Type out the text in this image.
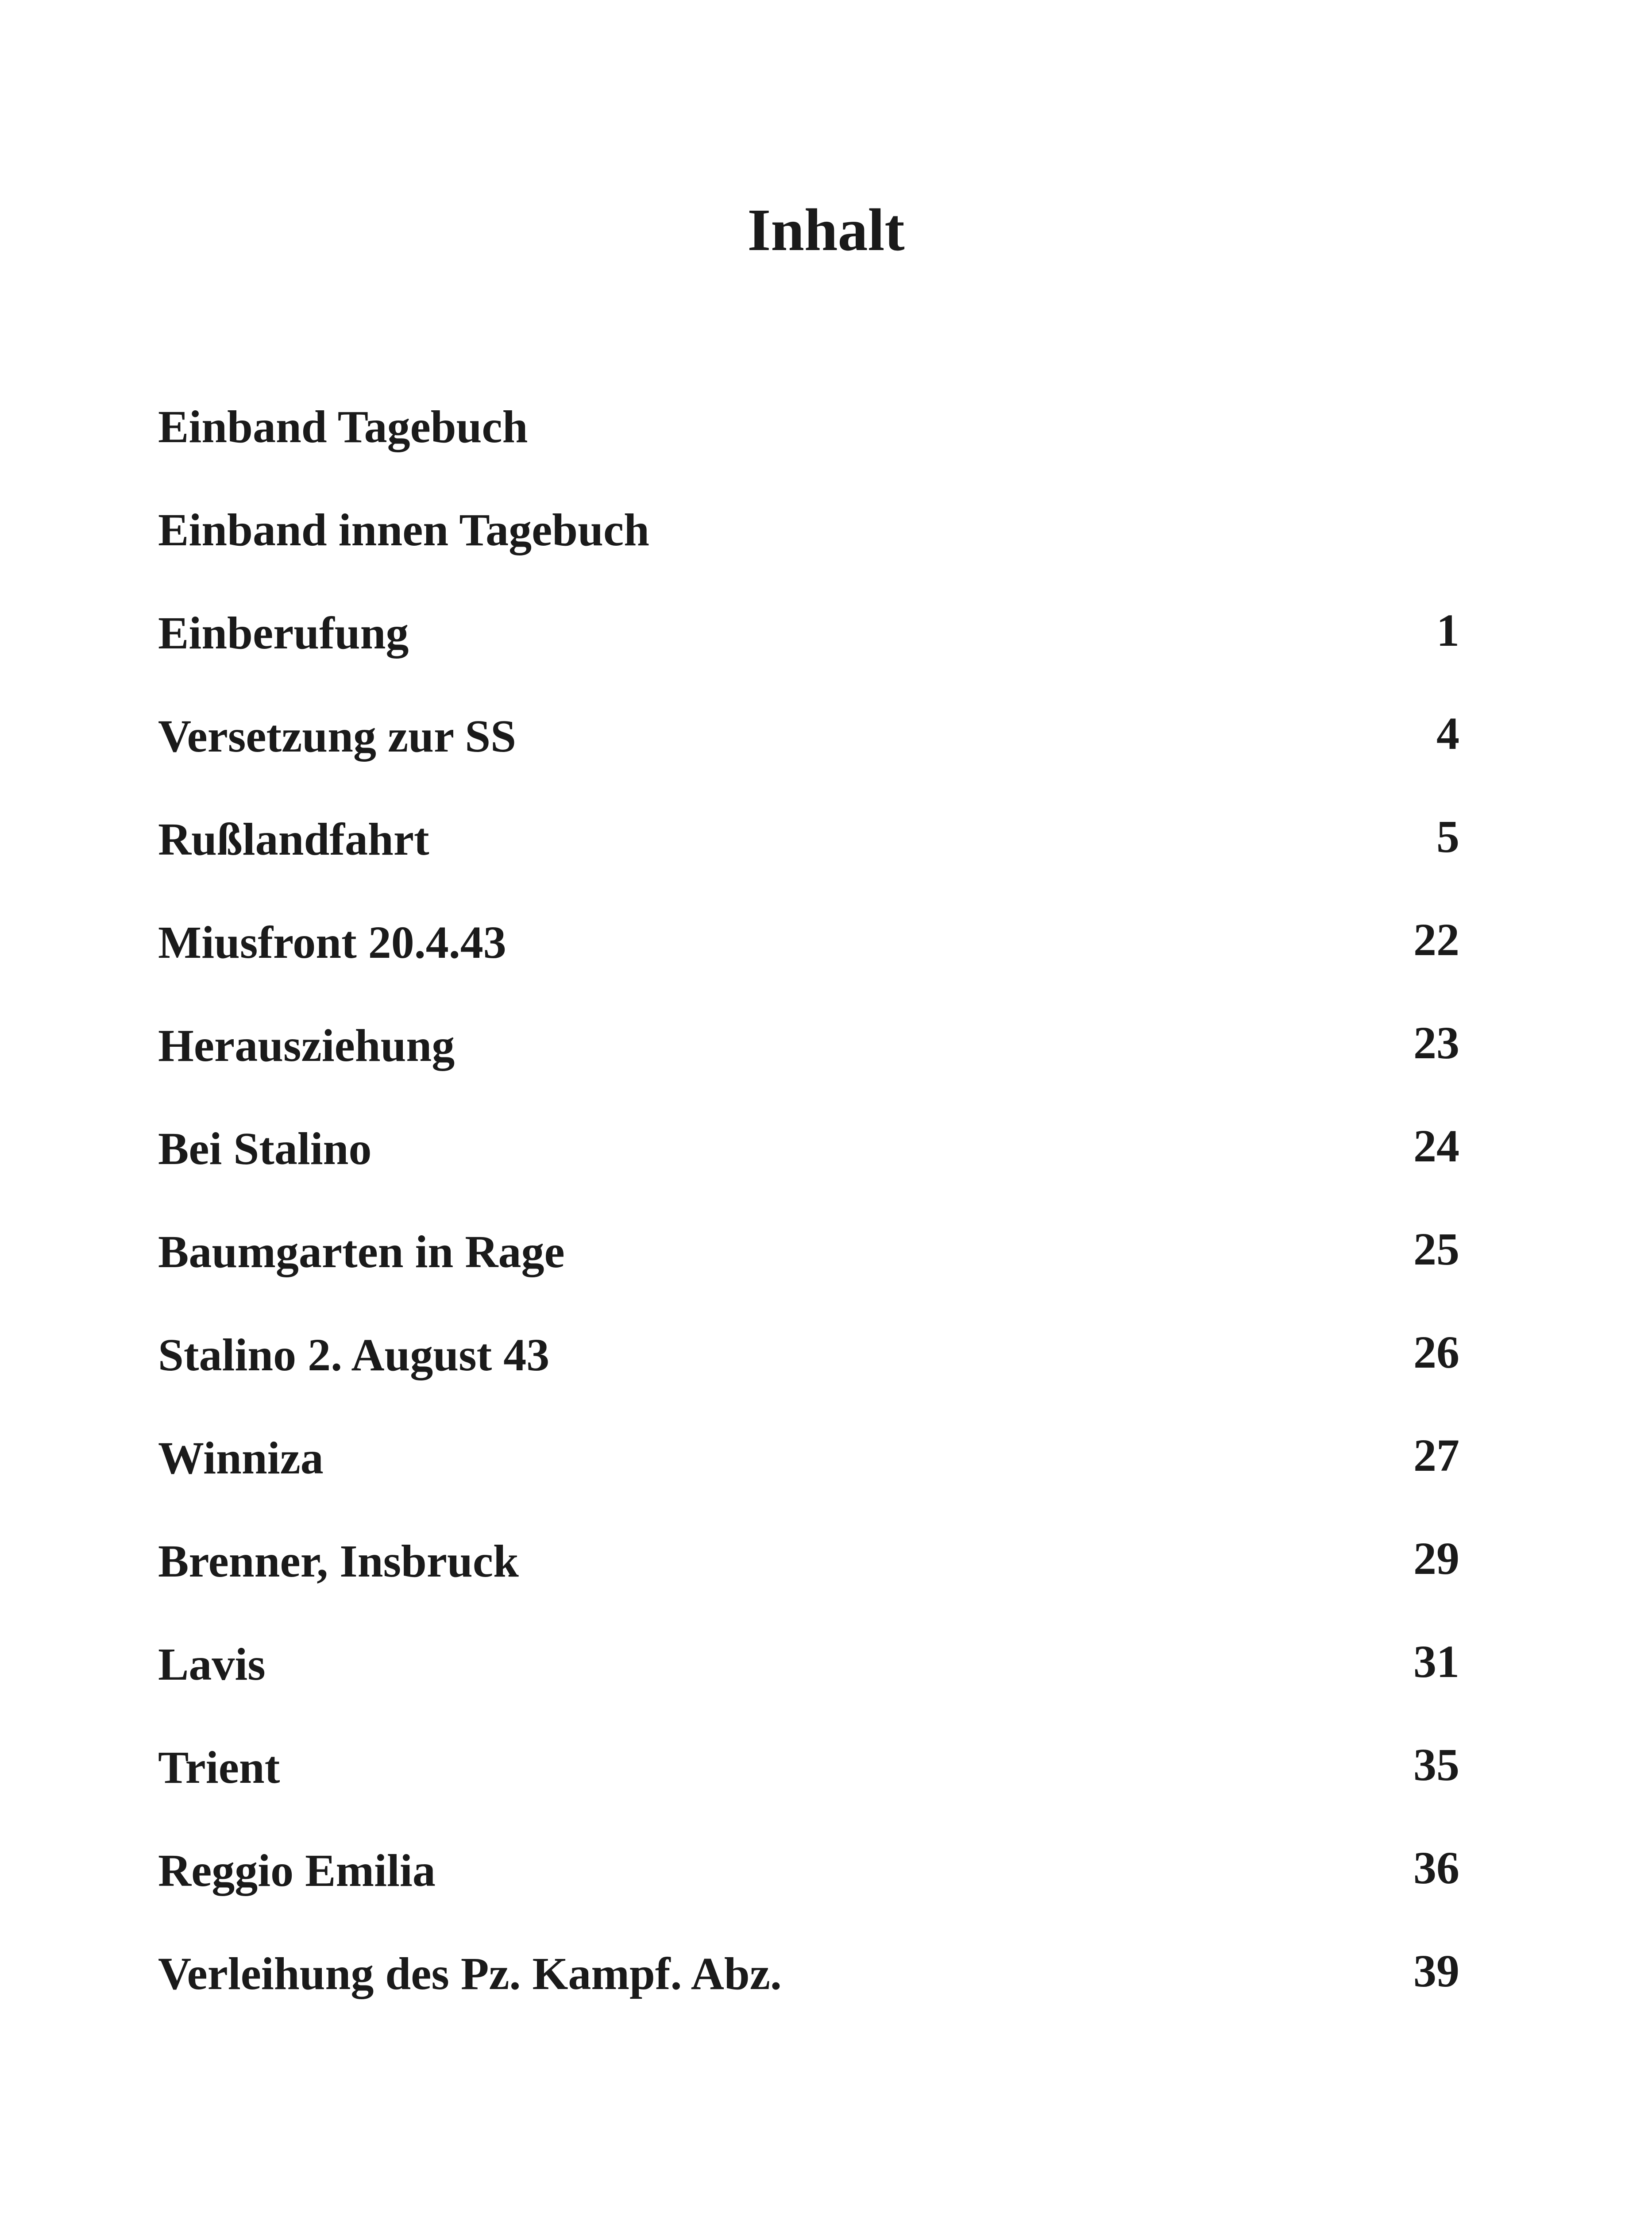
Inhalt
Einband Tagebuch
Einband innen Tagebuch
Einberufung	1
Versetzung zur SS	4
Rußlandfahrt	5
Miusfront 20.4.43	22
Herausziehung	23
Bei Stalino	24
Baumgarten in Rage	25
Stalino 2. August 43	26
Winniza	27
Brenner, Insbruck	29
Lavis	31
Trient	35
Reggio Emilia	36
Verleihung des Pz. Kampf. Abz.	39
